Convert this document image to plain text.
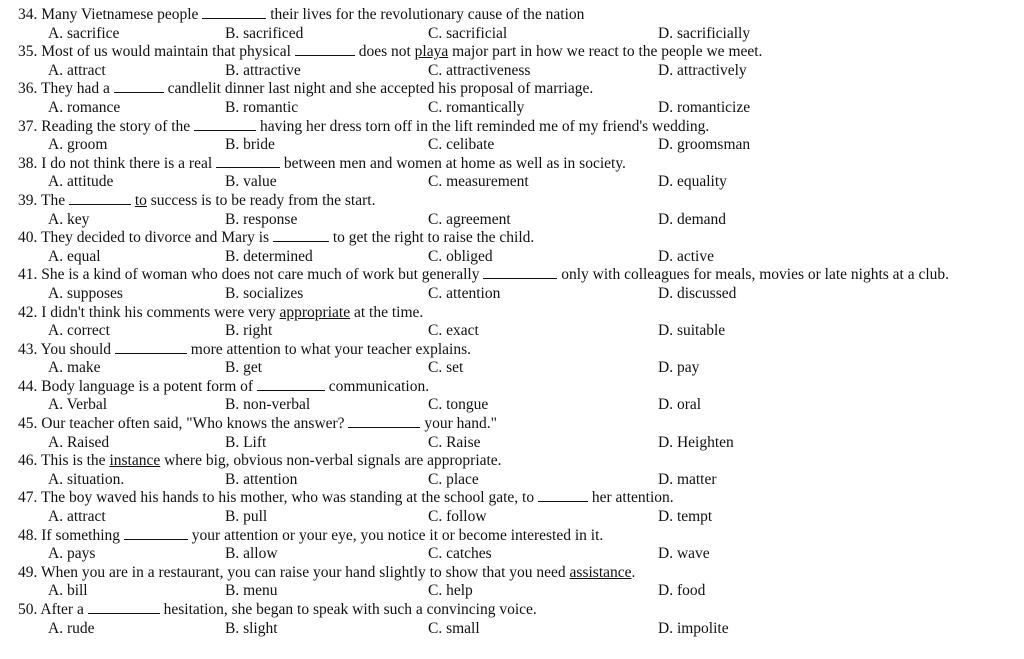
34. Many Vietnamese people	their lives for the revolutionary cause of the nation
A. sacrifice	B. sacrificed	C. sacrificial	D. sacrificially
35. Most of us would maintain that physical	does not playa major part in how we react to the people we meet.
A. attract	B. attractive	C. attractiveness	D. attractively
36. They had a	candlelit dinner last night and she accepted his proposal of marriage.
A. romance	B. romantic	C. romantically	D. romanticize
37. Reading the story of the	having her dress torn off in the lift reminded me of my friend's wedding.
A. groom	B. bride	C. celibate	D. groomsman
38. I do not think there is a real	between men and women at home as well as in society.
A. attitude	B. value	C. measurement	D. equality
39. The	to success is to be ready from the start.
A. key	B. response	C. agreement	D. demand
40. They decided to divorce and Mary is	to get the right to raise the child.
A. equal	B. determined	C. obliged	D. active
41. She is a kind of woman who does not care much of work but generally	only with colleagues for meals, movies or late nights at a club.
A. supposes	B. socializes	C. attention	D. discussed
42. I didn't think his comments were very appropriate at the time.
A. correct	B. right	C. exact	D. suitable
43. You should	more attention to what your teacher explains.
A. make	B. get	C. set	D. pay
44. Body language is a potent form of	communication.
A. Verbal	B. non-verbal	C. tongue	D. oral
45. Our teacher often said, "Who knows the answer?	your hand."
A. Raised	B. Lift	C. Raise	D. Heighten
46. This is the instance where big, obvious non-verbal signals are appropriate.
A. situation.	B. attention	C. place	D. matter
47. The boy waved his hands to his mother, who was standing at the school gate, to	her attention.
A. attract	B. pull	C. follow	D. tempt
48. If something	your attention or your eye, you notice it or become interested in it.
A. pays	B. allow	C. catches	D. wave
49. When you are in a restaurant, you can raise your hand slightly to show that you need assistance.
A. bill	B. menu	C. help	D. food
50. After a	hesitation, she began to speak with such a convincing voice.
A. rude	B. slight	C. small	D. impolite
